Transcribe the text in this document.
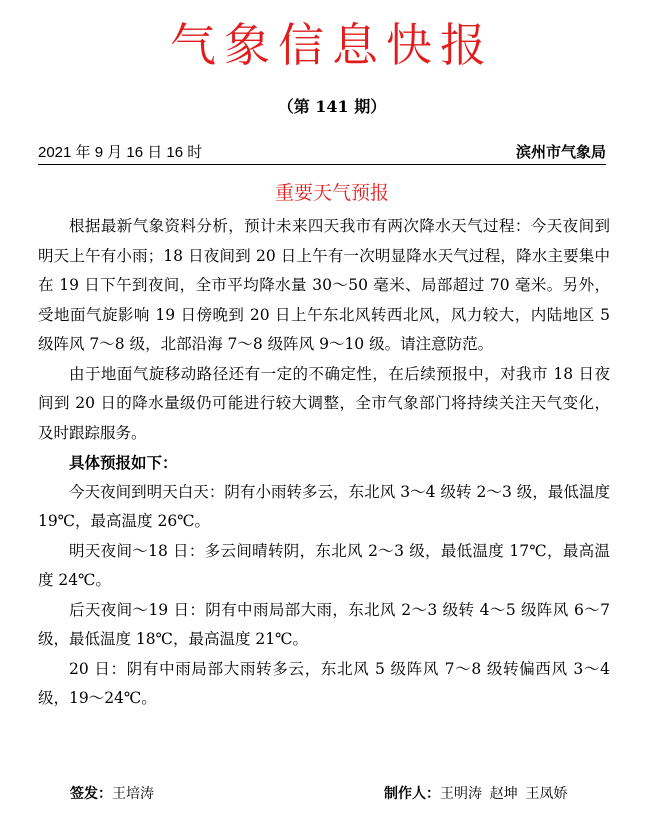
气象信息快报
（第 141 期）
2021 年 9 月 16 日 16 时	滨州市气象局
重要天气预报

根据最新气象资料分析，预计未来四天我市有两次降水天气过程：今天夜间到明天上午有小雨；18 日夜间到 20 日上午有一次明显降水天气过程，降水主要集中在 19 日下午到夜间，全市平均降水量 30～50 毫米、局部超过 70 毫米。另外，受地面气旋影响 19 日傍晚到 20 日上午东北风转西北风，风力较大，内陆地区 5 级阵风 7～8 级，北部沿海 7～8 级阵风 9～10 级。请注意防范。

由于地面气旋移动路径还有一定的不确定性，在后续预报中，对我市 18 日夜间到 20 日的降水量级仍可能进行较大调整，全市气象部门将持续关注天气变化，及时跟踪服务。

具体预报如下：

今天夜间到明天白天：阴有小雨转多云，东北风 3～4 级转 2～3 级，最低温度 19℃，最高温度 26℃。

明天夜间～18 日：多云间晴转阴，东北风 2～3 级，最低温度 17℃，最高温度 24℃。

后天夜间～19 日：阴有中雨局部大雨，东北风 2～3 级转 4～5 级阵风 6～7 级，最低温度 18℃，最高温度 21℃。

20 日：阴有中雨局部大雨转多云，东北风 5 级阵风 7～8 级转偏西风 3～4 级，19～24℃。

签发：王培涛	制作人：王明涛  赵坤  王凤娇
